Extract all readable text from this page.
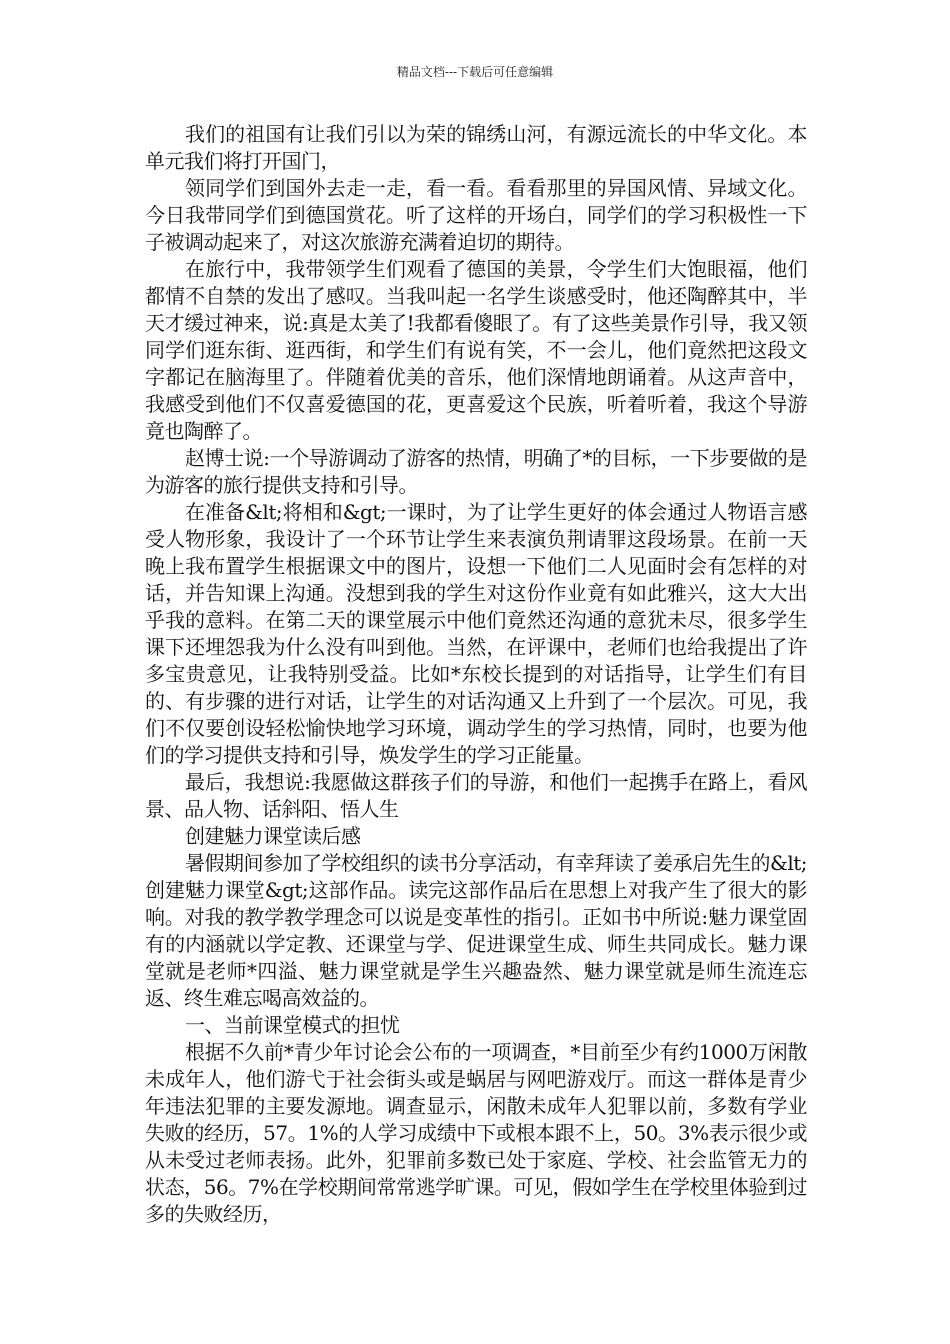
精品文档---下载后可任意编辑

我们的祖国有让我们引以为荣的锦绣山河，有源远流长的中华文化。本单元我们将打开国门，

领同学们到国外去走一走，看一看。看看那里的异国风情、异域文化。今日我带同学们到德国赏花。听了这样的开场白，同学们的学习积极性一下子被调动起来了，对这次旅游充满着迫切的期待。

在旅行中，我带领学生们观看了德国的美景，令学生们大饱眼福，他们都情不自禁的发出了感叹。当我叫起一名学生谈感受时，他还陶醉其中，半天才缓过神来，说:真是太美了!我都看傻眼了。有了这些美景作引导，我又领同学们逛东街、逛西街，和学生们有说有笑，不一会儿，他们竟然把这段文字都记在脑海里了。伴随着优美的音乐，他们深情地朗诵着。从这声音中，我感受到他们不仅喜爱德国的花，更喜爱这个民族，听着听着，我这个导游竟也陶醉了。

赵博士说:一个导游调动了游客的热情，明确了*的目标，一下步要做的是为游客的旅行提供支持和引导。

在准备&lt;将相和&gt;一课时，为了让学生更好的体会通过人物语言感受人物形象，我设计了一个环节让学生来表演负荆请罪这段场景。在前一天晚上我布置学生根据课文中的图片，设想一下他们二人见面时会有怎样的对话，并告知课上沟通。没想到我的学生对这份作业竟有如此雅兴，这大大出乎我的意料。在第二天的课堂展示中他们竟然还沟通的意犹未尽，很多学生课下还埋怨我为什么没有叫到他。当然，在评课中，老师们也给我提出了许多宝贵意见，让我特别受益。比如*东校长提到的对话指导，让学生们有目的、有步骤的进行对话，让学生的对话沟通又上升到了一个层次。可见，我们不仅要创设轻松愉快地学习环境，调动学生的学习热情，同时，也要为他们的学习提供支持和引导，焕发学生的学习正能量。

最后，我想说:我愿做这群孩子们的导游，和他们一起携手在路上，看风景、品人物、话斜阳、悟人生

创建魅力课堂读后感

暑假期间参加了学校组织的读书分享活动，有幸拜读了姜承启先生的&lt;创建魅力课堂&gt;这部作品。读完这部作品后在思想上对我产生了很大的影响。对我的教学教学理念可以说是变革性的指引。正如书中所说:魅力课堂固有的内涵就以学定教、还课堂与学、促进课堂生成、师生共同成长。魅力课堂就是老师*四溢、魅力课堂就是学生兴趣盎然、魅力课堂就是师生流连忘返、终生难忘喝高效益的。

一、当前课堂模式的担忧

根据不久前*青少年讨论会公布的一项调查，*目前至少有约1000万闲散未成年人，他们游弋于社会街头或是蜗居与网吧游戏厅。而这一群体是青少年违法犯罪的主要发源地。调查显示，闲散未成年人犯罪以前，多数有学业失败的经历，57。1%的人学习成绩中下或根本跟不上，50。3%表示很少或从未受过老师表扬。此外，犯罪前多数已处于家庭、学校、社会监管无力的状态，56。7%在学校期间常常逃学旷课。可见，假如学生在学校里体验到过多的失败经历，
